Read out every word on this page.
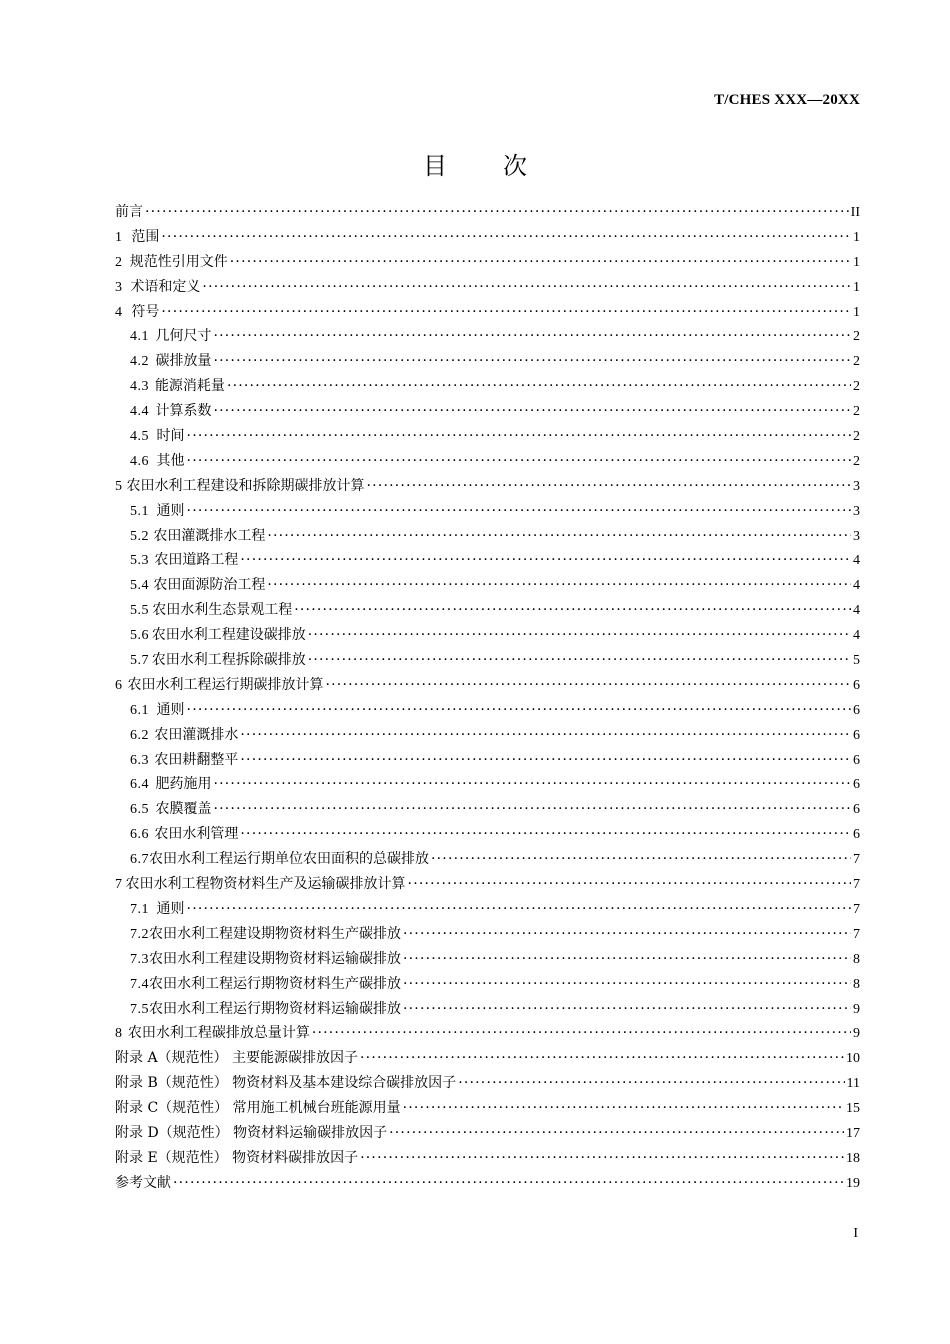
T/CHES XXX—20XX
目 次
前言 ·····	II
1 范围 ·····	1
2 规范性引用文件 ·····	1
3 术语和定义 ·····	1
4 符号 ·····	1
4.1 几何尺寸 ·····	2
4.2 碳排放量 ·····	2
4.3 能源消耗量 ·····	2
4.4 计算系数 ·····	2
4.5 时间 ·····	2
4.6 其他 ·····	2
5 农田水利工程建设和拆除期碳排放计算 ·····	3
5.1 通则 ·····	3
5.2 农田灌溉排水工程 ·····	3
5.3 农田道路工程 ·····	4
5.4 农田面源防治工程 ·····	4
5.5 农田水利生态景观工程 ·····	4
5.6 农田水利工程建设碳排放 ·····	4
5.7 农田水利工程拆除碳排放 ·····	5
6 农田水利工程运行期碳排放计算 ·····	6
6.1 通则 ·····	6
6.2 农田灌溉排水 ·····	6
6.3 农田耕翻整平 ·····	6
6.4 肥药施用 ·····	6
6.5 农膜覆盖 ·····	6
6.6 农田水利管理 ·····	6
6.7 农田水利工程运行期单位农田面积的总碳排放 ·····	7
7 农田水利工程物资材料生产及运输碳排放计算 ·····	7
7.1 通则 ·····	7
7.2 农田水利工程建设期物资材料生产碳排放 ·····	7
7.3 农田水利工程建设期物资材料运输碳排放 ·····	8
7.4 农田水利工程运行期物资材料生产碳排放 ·····	8
7.5 农田水利工程运行期物资材料运输碳排放 ·····	9
8 农田水利工程碳排放总量计算 ·····	9
附录 A（规范性） 主要能源碳排放因子 ·····	10
附录 B（规范性） 物资材料及基本建设综合碳排放因子 ·····	11
附录 C（规范性） 常用施工机械台班能源用量 ·····	15
附录 D（规范性） 物资材料运输碳排放因子 ·····	17
附录 E（规范性） 物资材料碳排放因子 ·····	18
参考文献 ·····	19
I
